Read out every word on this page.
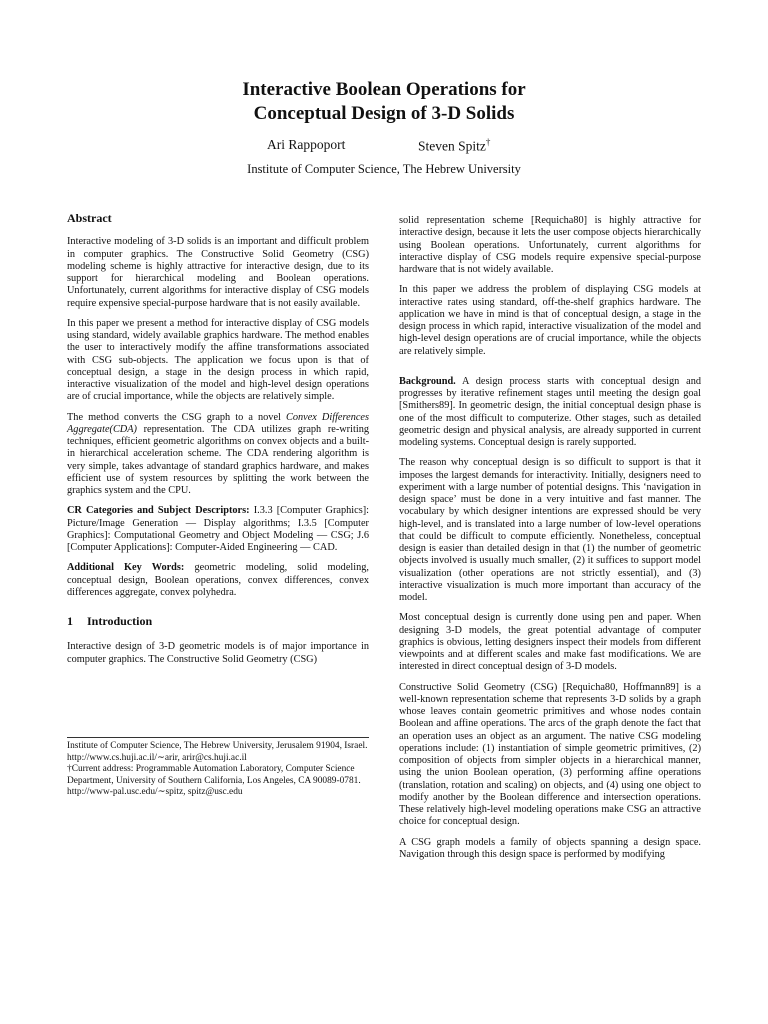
Interactive Boolean Operations for
Conceptual Design of 3-D Solids
Ari Rappoport	Steven Spitz†
Institute of Computer Science, The Hebrew University
Abstract

Interactive modeling of 3-D solids is an important and difficult problem in computer graphics. The Constructive Solid Geometry (CSG) modeling scheme is highly attractive for interactive design, due to its support for hierarchical modeling and Boolean operations. Unfortunately, current algorithms for interactive display of CSG models require expensive special-purpose hardware that is not easily available.

In this paper we present a method for interactive display of CSG models using standard, widely available graphics hardware. The method enables the user to interactively modify the affine transformations associated with CSG sub-objects. The application we focus upon is that of conceptual design, a stage in the design process in which rapid, interactive visualization of the model and high-level design operations are of crucial importance, while the objects are relatively simple.

The method converts the CSG graph to a novel Convex Differences Aggregate(CDA) representation. The CDA utilizes graph re-writing techniques, efficient geometric algorithms on convex objects and a built-in hierarchical acceleration scheme. The CDA rendering algorithm is very simple, takes advantage of standard graphics hardware, and makes efficient use of system resources by splitting the work between the graphics system and the CPU.

CR Categories and Subject Descriptors: I.3.3 [Computer Graphics]: Picture/Image Generation — Display algorithms; I.3.5 [Computer Graphics]: Computational Geometry and Object Modeling — CSG; J.6 [Computer Applications]: Computer-Aided Engineering — CAD.

Additional Key Words: geometric modeling, solid modeling, conceptual design, Boolean operations, convex differences, convex differences aggregate, convex polyhedra.

1 Introduction

Interactive design of 3-D geometric models is of major importance in computer graphics. The Constructive Solid Geometry (CSG)

Institute of Computer Science, The Hebrew University, Jerusalem 91904, Israel. http://www.cs.huji.ac.il/∼arir, arir@cs.huji.ac.il
†Current address: Programmable Automation Laboratory, Computer Science Department, University of Southern California, Los Angeles, CA 90089-0781. http://www-pal.usc.edu/∼spitz, spitz@usc.edu

solid representation scheme [Requicha80] is highly attractive for interactive design, because it lets the user compose objects hierarchically using Boolean operations. Unfortunately, current algorithms for interactive display of CSG models require expensive special-purpose hardware that is not widely available.

In this paper we address the problem of displaying CSG models at interactive rates using standard, off-the-shelf graphics hardware. The application we have in mind is that of conceptual design, a stage in the design process in which rapid, interactive visualization of the model and high-level design operations are of crucial importance, while the objects are relatively simple.

Background. A design process starts with conceptual design and progresses by iterative refinement stages until meeting the design goal [Smithers89]. In geometric design, the initial conceptual design phase is one of the most difficult to computerize. Other stages, such as detailed geometric design and physical analysis, are already supported in current modeling systems. Conceptual design is rarely supported.

The reason why conceptual design is so difficult to support is that it imposes the largest demands for interactivity. Initially, designers need to experiment with a large number of potential designs. This ‘navigation in design space’ must be done in a very intuitive and fast manner. The vocabulary by which designer intentions are expressed should be very high-level, and is translated into a large number of low-level operations that could be difficult to compute efficiently. Nonetheless, conceptual design is easier than detailed design in that (1) the number of geometric objects involved is usually much smaller, (2) it suffices to support model visualization (other operations are not strictly essential), and (3) interactive visualization is much more important than accuracy of the model.

Most conceptual design is currently done using pen and paper. When designing 3-D models, the great potential advantage of computer graphics is obvious, letting designers inspect their models from different viewpoints and at different scales and make fast modifications. We are interested in direct conceptual design of 3-D models.

Constructive Solid Geometry (CSG) [Requicha80, Hoffmann89] is a well-known representation scheme that represents 3-D solids by a graph whose leaves contain geometric primitives and whose nodes contain Boolean and affine operations. The arcs of the graph denote the fact that an operation uses an object as an argument. The native CSG modeling operations include: (1) instantiation of simple geometric primitives, (2) composition of objects from simpler objects in a hierarchical manner, using the union Boolean operation, (3) performing affine operations (translation, rotation and scaling) on objects, and (4) using one object to modify another by the Boolean difference and intersection operations. These relatively high-level modeling operations make CSG an attractive choice for conceptual design.

A CSG graph models a family of objects spanning a design space. Navigation through this design space is performed by modifying
